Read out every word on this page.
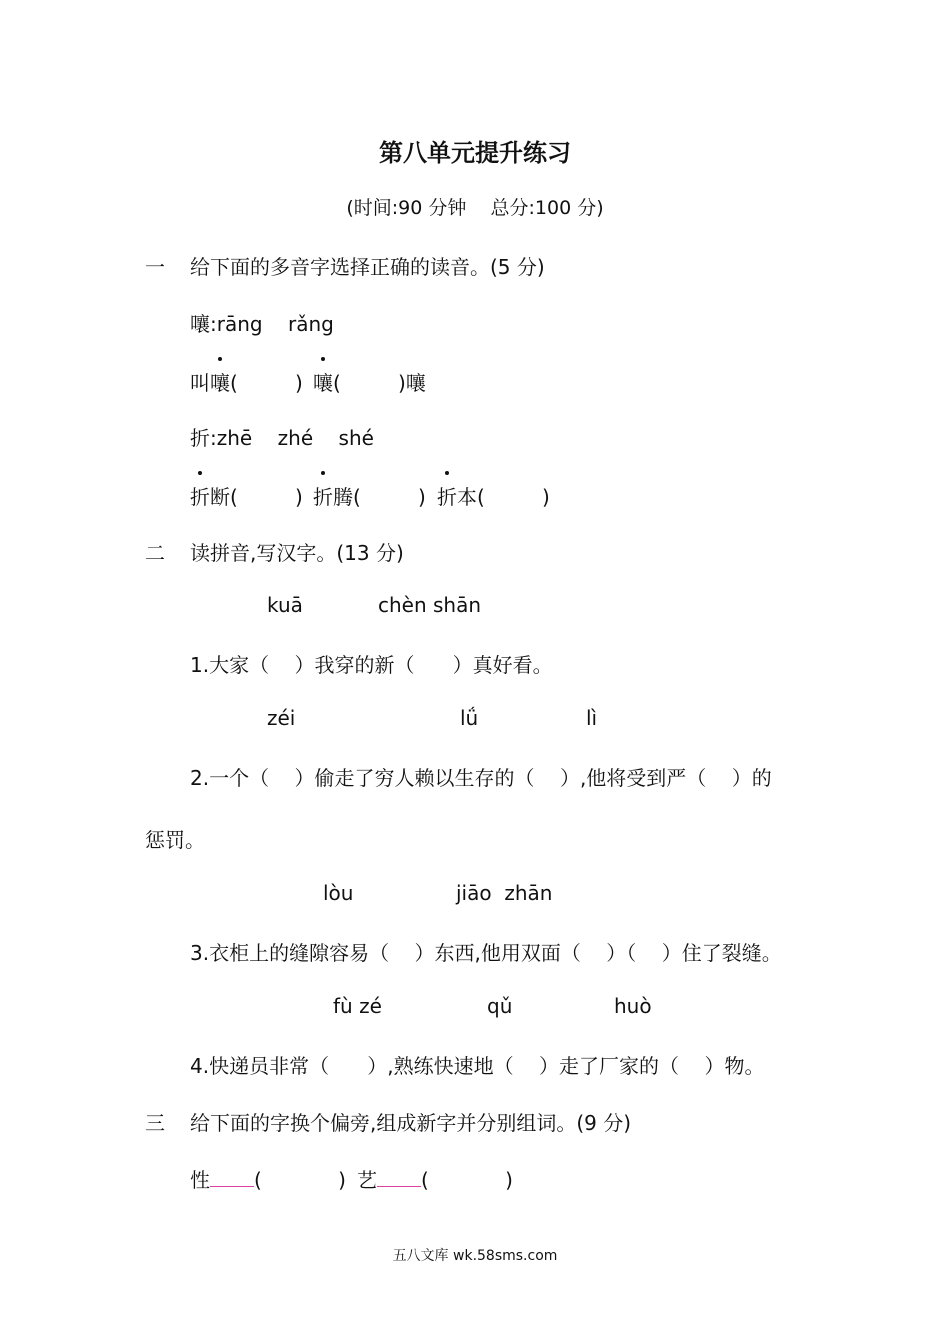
第八单元提升练习
(时间:90 分钟    总分:100 分)
一 给下面的多音字选择正确的读音。(5 分)
嚷:rāng    rǎng
叫嚷(         ) 嚷(         )嚷
折:zhē    zhé    shé
折断(         ) 折腾(         ) 折本(         )
二 读拼音,写汉字。(13 分)
kuā	chèn shān
1.大家（    ）我穿的新（      ）真好看。
zéi	lǘ	lì
2.一个（    ）偷走了穷人赖以生存的（    ）,他将受到严（    ）的
惩罚。
lòu	jiāo  zhān
3.衣柜上的缝隙容易（    ）东西,他用双面（    ）（    ）住了裂缝。
fù zé	qǔ	huò
4.快递员非常（      ）,熟练快速地（    ）走了厂家的（    ）物。
三 给下面的字换个偏旁,组成新字并分别组词。(9 分)
性 (            ) 艺 (            )
五八文库 wk.58sms.com
